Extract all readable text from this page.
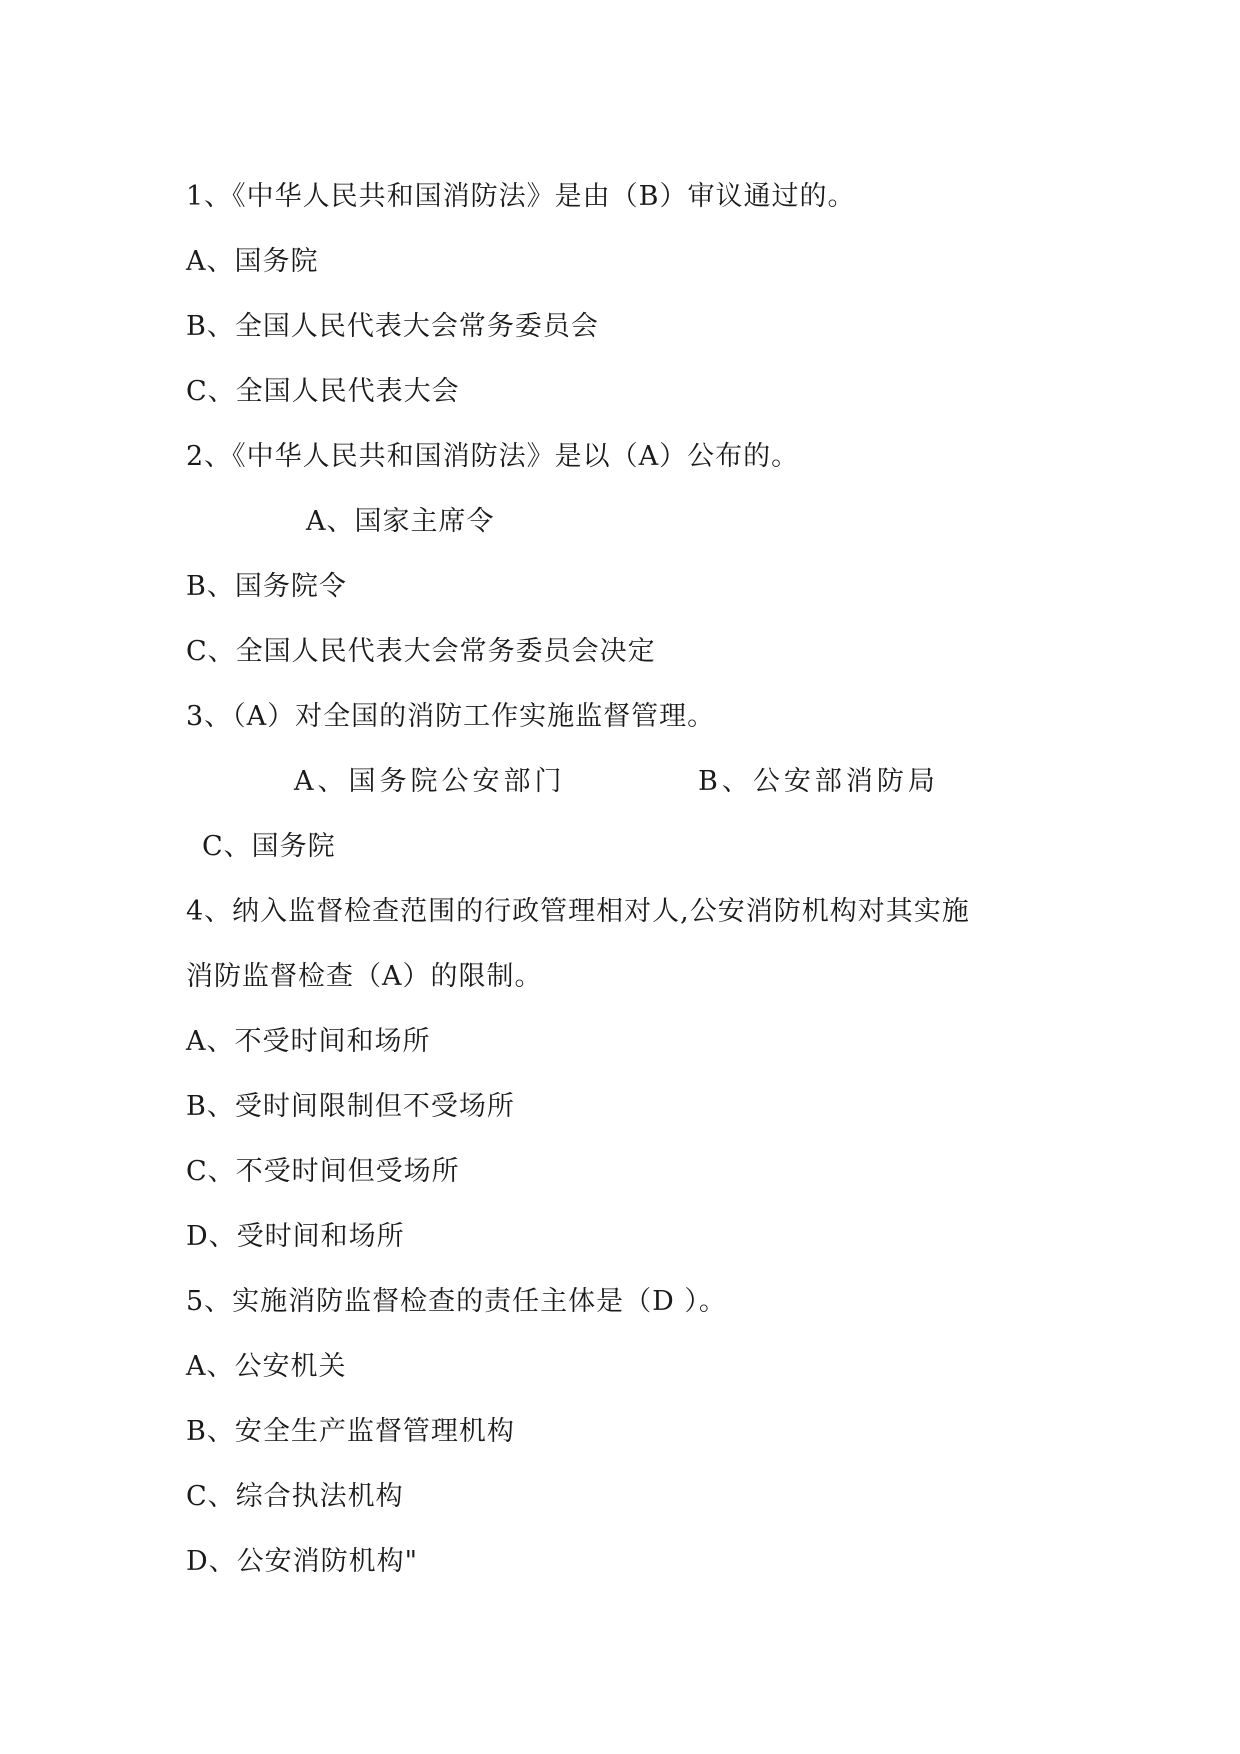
1、《中华人民共和国消防法》是由（B）审议通过的。
A、国务院
B、全国人民代表大会常务委员会
C、全国人民代表大会
2、《中华人民共和国消防法》是以（A）公布的。
A、国家主席令
B、国务院令
C、全国人民代表大会常务委员会决定
3、（A）对全国的消防工作实施监督管理。
A、国务院公安部门	B、公安部消防局
C、国务院
4、纳入监督检查范围的行政管理相对人,公安消防机构对其实施
消防监督检查（A）的限制。
A、不受时间和场所
B、受时间限制但不受场所
C、不受时间但受场所
D、受时间和场所
5、实施消防监督检查的责任主体是（D ）。
A、公安机关
B、安全生产监督管理机构
C、综合执法机构
D、公安消防机构"
